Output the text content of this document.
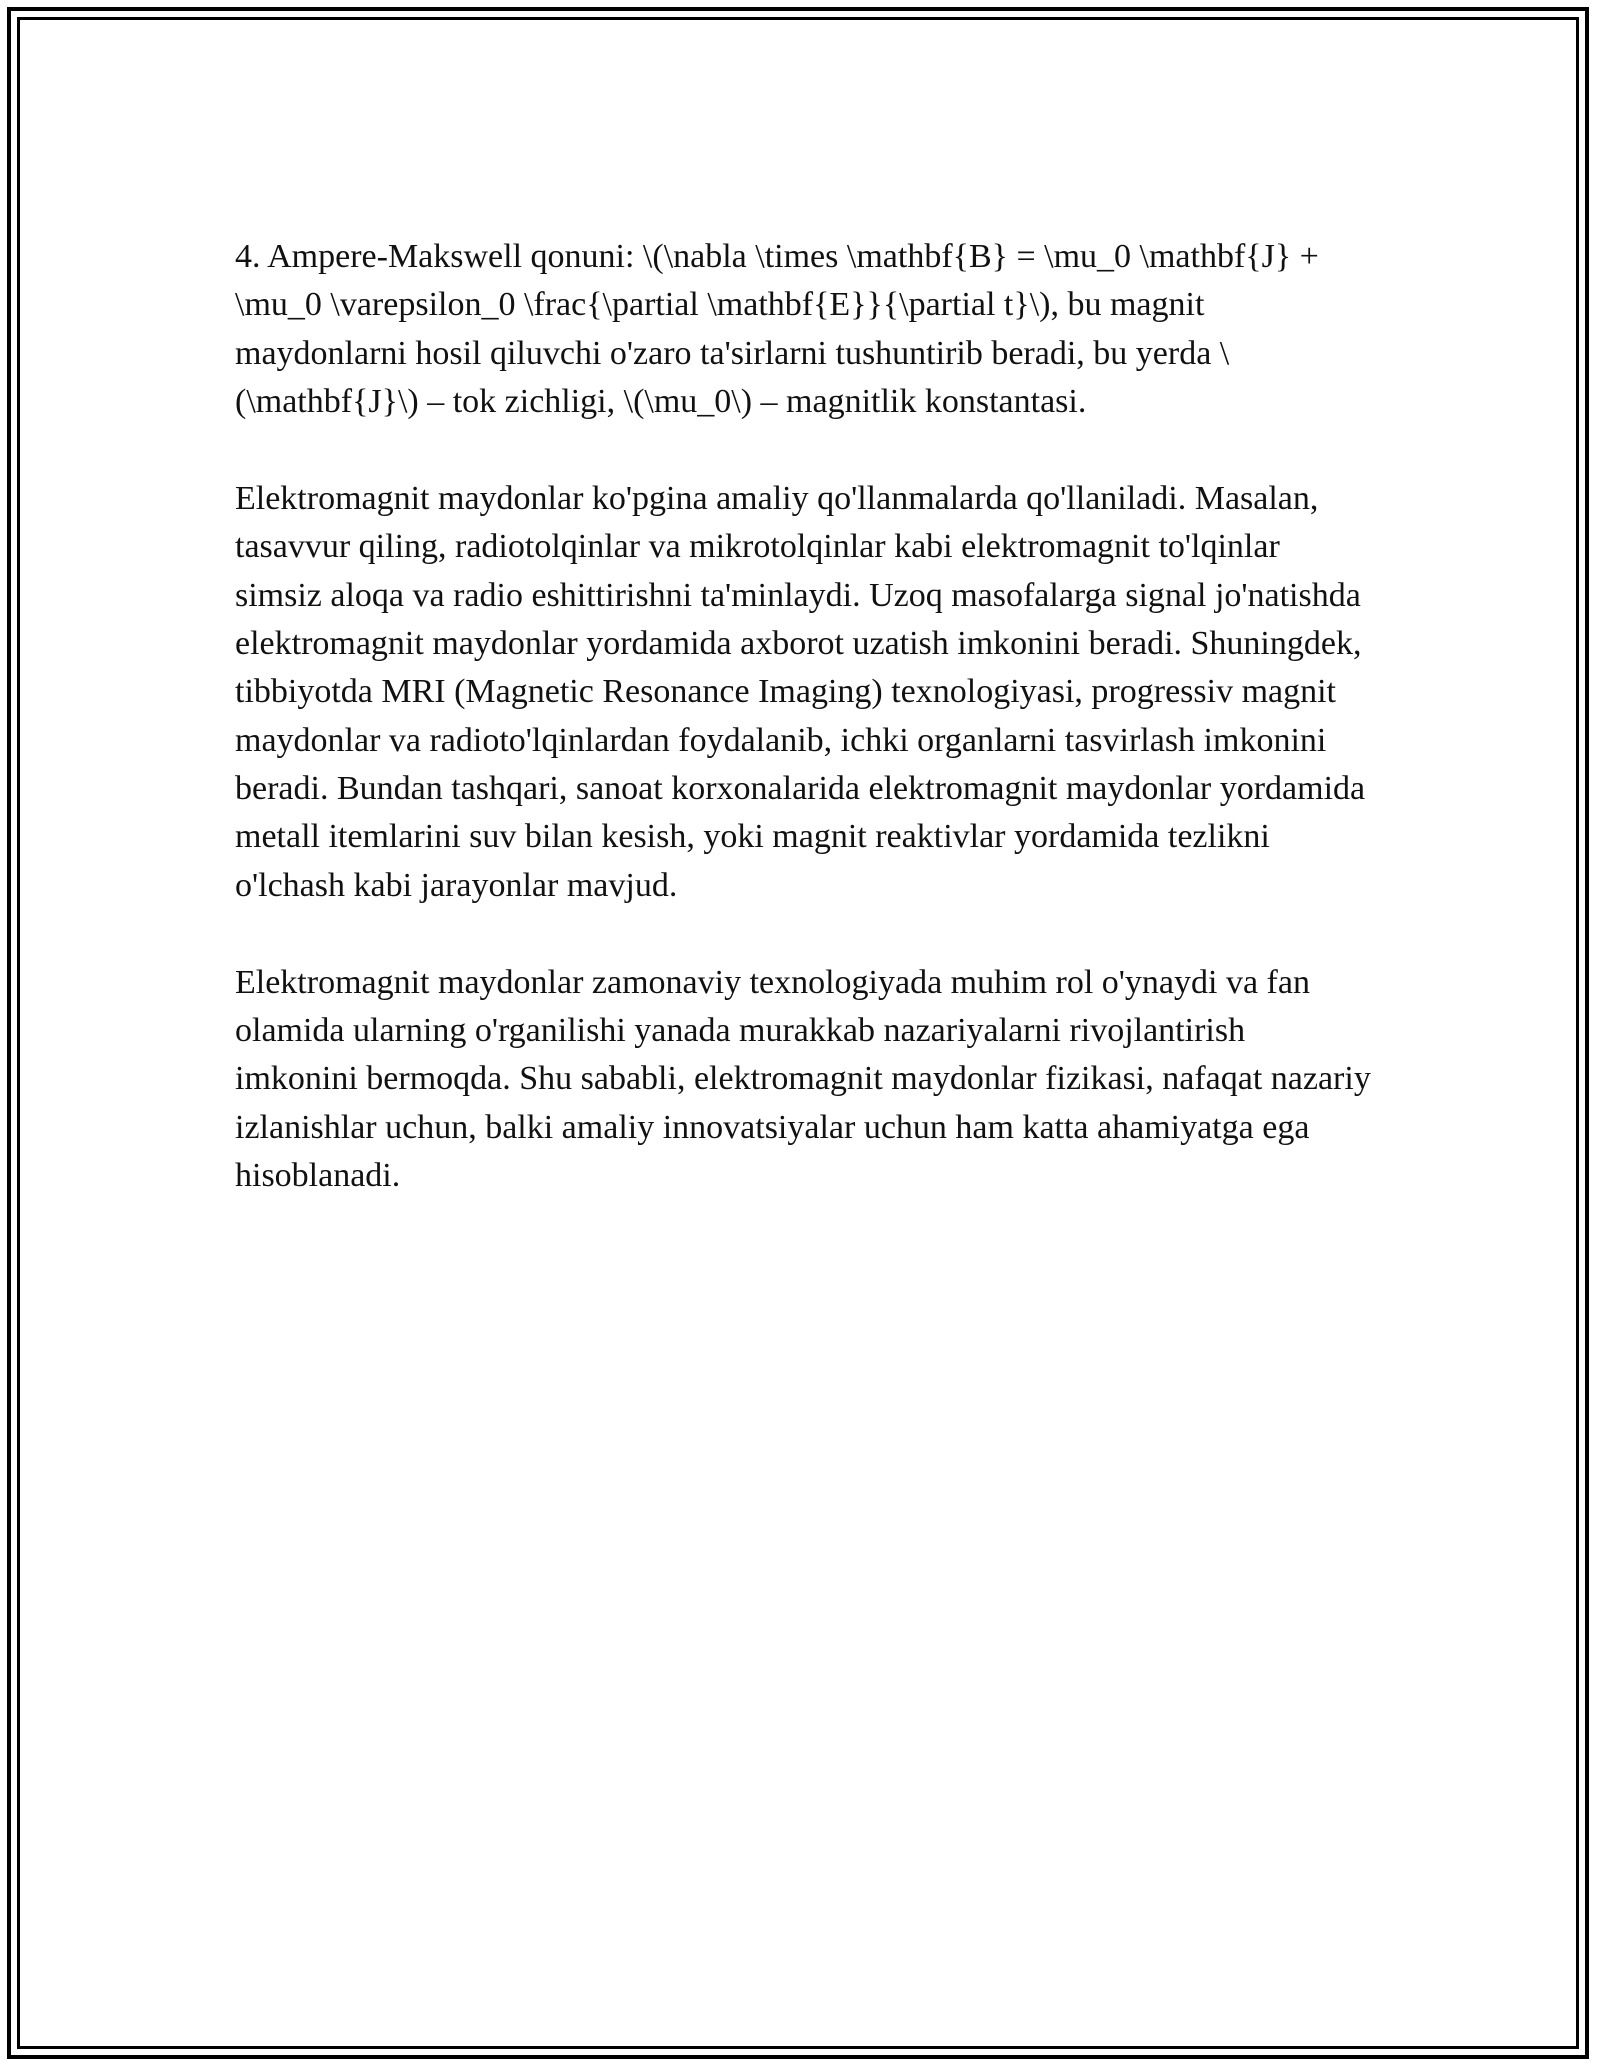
4. Ampere-Makswell qonuni: \(\nabla \times \mathbf{B} = \mu_0 \mathbf{J} + \mu_0 \varepsilon_0 \frac{\partial \mathbf{E}}{\partial t}\), bu magnit maydonlarni hosil qiluvchi o'zaro ta'sirlarni tushuntirib beradi, bu yerda \(\mathbf{J}\) – tok zichligi, \(\mu_0\) – magnitlik konstantasi.

Elektromagnit maydonlar ko'pgina amaliy qo'llanmalarda qo'llaniladi. Masalan, tasavvur qiling, radiotolqinlar va mikrotolqinlar kabi elektromagnit to'lqinlar simsiz aloqa va radio eshittirishni ta'minlaydi. Uzoq masofalarga signal jo'natishda elektromagnit maydonlar yordamida axborot uzatish imkonini beradi. Shuningdek, tibbiyotda MRI (Magnetic Resonance Imaging) texnologiyasi, progressiv magnit maydonlar va radioto'lqinlardan foydalanib, ichki organlarni tasvirlash imkonini beradi. Bundan tashqari, sanoat korxonalarida elektromagnit maydonlar yordamida metall itemlarini suv bilan kesish, yoki magnit reaktivlar yordamida tezlikni o'lchash kabi jarayonlar mavjud.

Elektromagnit maydonlar zamonaviy texnologiyada muhim rol o'ynaydi va fan olamida ularning o'rganilishi yanada murakkab nazariyalarni rivojlantirish imkonini bermoqda. Shu sababli, elektromagnit maydonlar fizikasi, nafaqat nazariy izlanishlar uchun, balki amaliy innovatsiyalar uchun ham katta ahamiyatga ega hisoblanadi.
